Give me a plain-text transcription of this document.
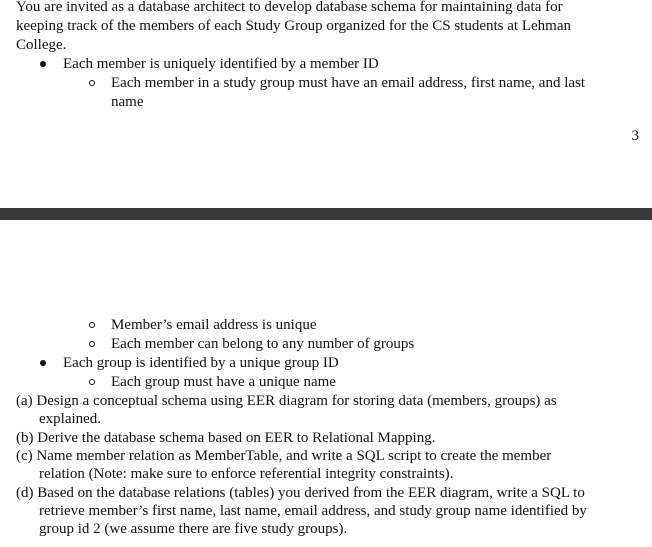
You are invited as a database architect to develop database schema for maintaining data for
keeping track of the members of each Study Group organized for the CS students at Lehman
College.
Each member is uniquely identified by a member ID
Each member in a study group must have an email address, first name, and last
name
3
Member’s email address is unique
Each member can belong to any number of groups
Each group is identified by a unique group ID
Each group must have a unique name
(a) Design a conceptual schema using EER diagram for storing data (members, groups) as
explained.
(b) Derive the database schema based on EER to Relational Mapping.
(c) Name member relation as MemberTable, and write a SQL script to create the member
relation (Note: make sure to enforce referential integrity constraints).
(d) Based on the database relations (tables) you derived from the EER diagram, write a SQL to
retrieve member’s first name, last name, email address, and study group name identified by
group id 2 (we assume there are five study groups).
